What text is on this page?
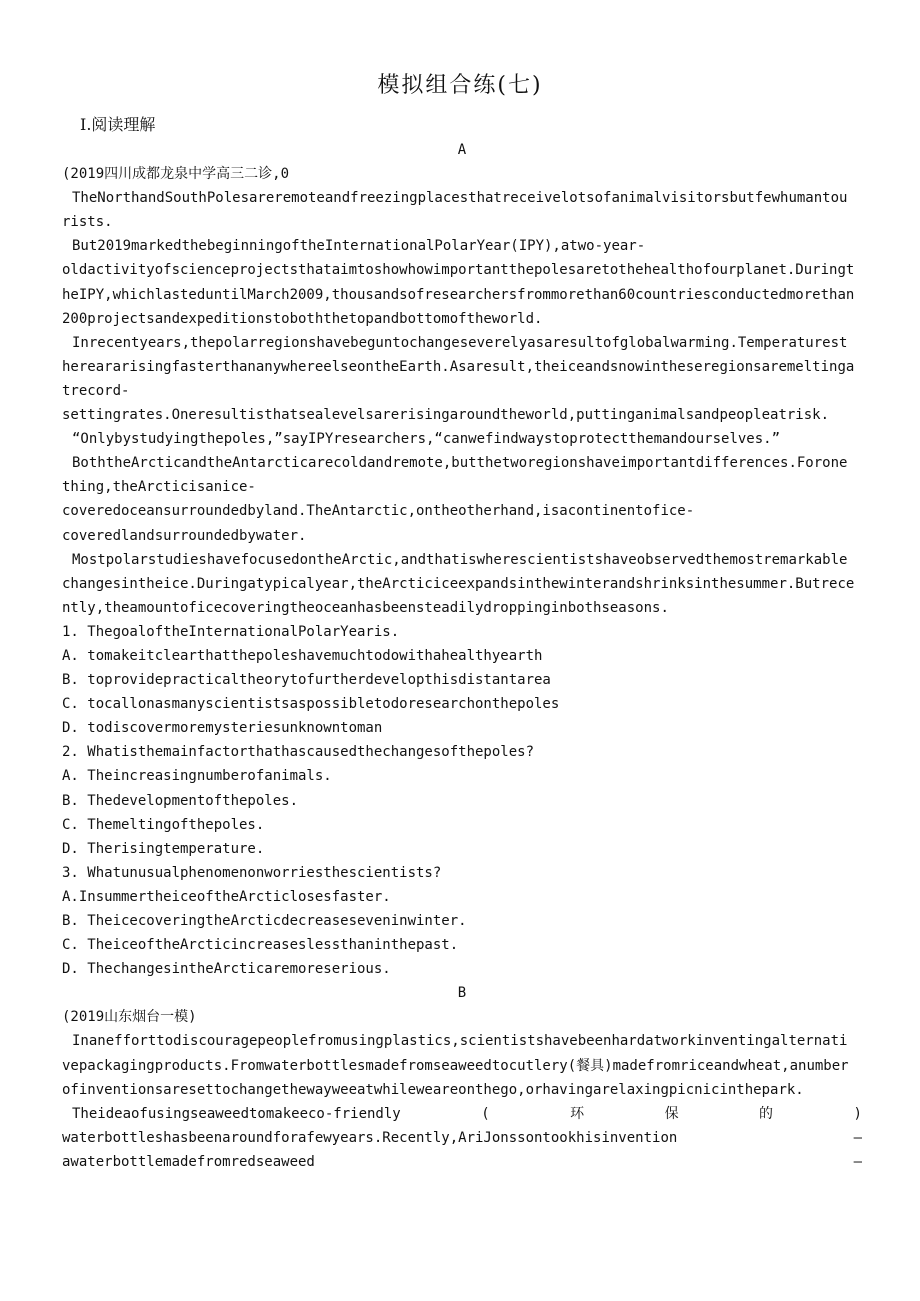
模拟组合练(七)
I.阅读理解
A
(2019四川成都龙泉中学高三二诊,0
TheNorthandSouthPolesareremoteandfreezingplacesthatreceivelotsofanimalvisitorsbutfewhumantou
rists.
But2019markedthebeginningoftheInternationalPolarYear(IPY),atwo-year-
oldactivityofscienceprojectsthataimtoshowhowimportantthepolesaretothehealthofourplanet.Duringt
heIPY,whichlasteduntilMarch2009,thousandsofresearchersfrommorethan60countriesconductedmorethan
200projectsandexpeditionstoboththetopandbottomoftheworld.
Inrecentyears,thepolarregionshavebeguntochangeseverelyasaresultofglobalwarming.Temperaturest
hereararisingfasterthananywhereelseontheEarth.Asaresult,theiceandsnowintheseregionsaremeltinga
trecord-
settingrates.Oneresultisthatsealevelsarerisingaroundtheworld,puttinganimalsandpeopleatrisk.
“Onlybystudyingthepoles,”sayIPYresearchers,“canwefindwaystoprotectthemandourselves.”
BoththeArcticandtheAntarcticarecoldandremote,butthetworegionshaveimportantdifferences.Forone
thing,theArcticisanice-
coveredoceansurroundedbyland.TheAntarctic,ontheotherhand,isacontinentofice-
coveredlandsurroundedbywater.
MostpolarstudieshavefocusedontheArctic,andthatiswherescientistshaveobservedthemostremarkable
changesintheice.Duringatypicalyear,theArcticiceexpandsinthewinterandshrinksinthesummer.Butrece
ntly,theamountoficecoveringtheoceanhasbeensteadilydroppinginbothseasons.
1. ThegoaloftheInternationalPolarYearis.
A. tomakeitclearthatthepoleshavemuchtodowithahealthyearth
B. toprovidepracticaltheorytofurtherdevelopthisdistantarea
C. tocallonasmanyscientistsaspossibletodoresearchonthepoles
D. todiscovermoremysteriesunknowntoman
2. Whatisthemainfactorthathascausedthechangesofthepoles?
A. Theincreasingnumberofanimals.
B. Thedevelopmentofthepoles.
C. Themeltingofthepoles.
D. Therisingtemperature.
3. Whatunusualphenomenonworriesthescientists?
A.InsummertheiceoftheArcticlosesfaster.
B. TheicecoveringtheArcticdecreaseseveninwinter.
C. TheiceoftheArcticincreaseslessthaninthepast.
D. ThechangesintheArcticaremoreserious.
B
(2019山东烟台一模)
Inanefforttodiscouragepeoplefromusingplastics,scientistshavebeenhardatworkinventingalternati
vepackagingproducts.Fromwaterbottlesmadefromseaweedtocutlery(餐具)madefromriceandwheat,anumber
ofinventionsaresettochangethewayweeatwhileweareonthego,orhavingarelaxingpicnicinthepark.
Theideaofusingseaweedtomakeeco-friendly	(	环	保	的	)
waterbottleshasbeenaroundforafewyears.Recently,AriJonssontookhisinvention	—
awaterbottlemadefromredseaweed	—
